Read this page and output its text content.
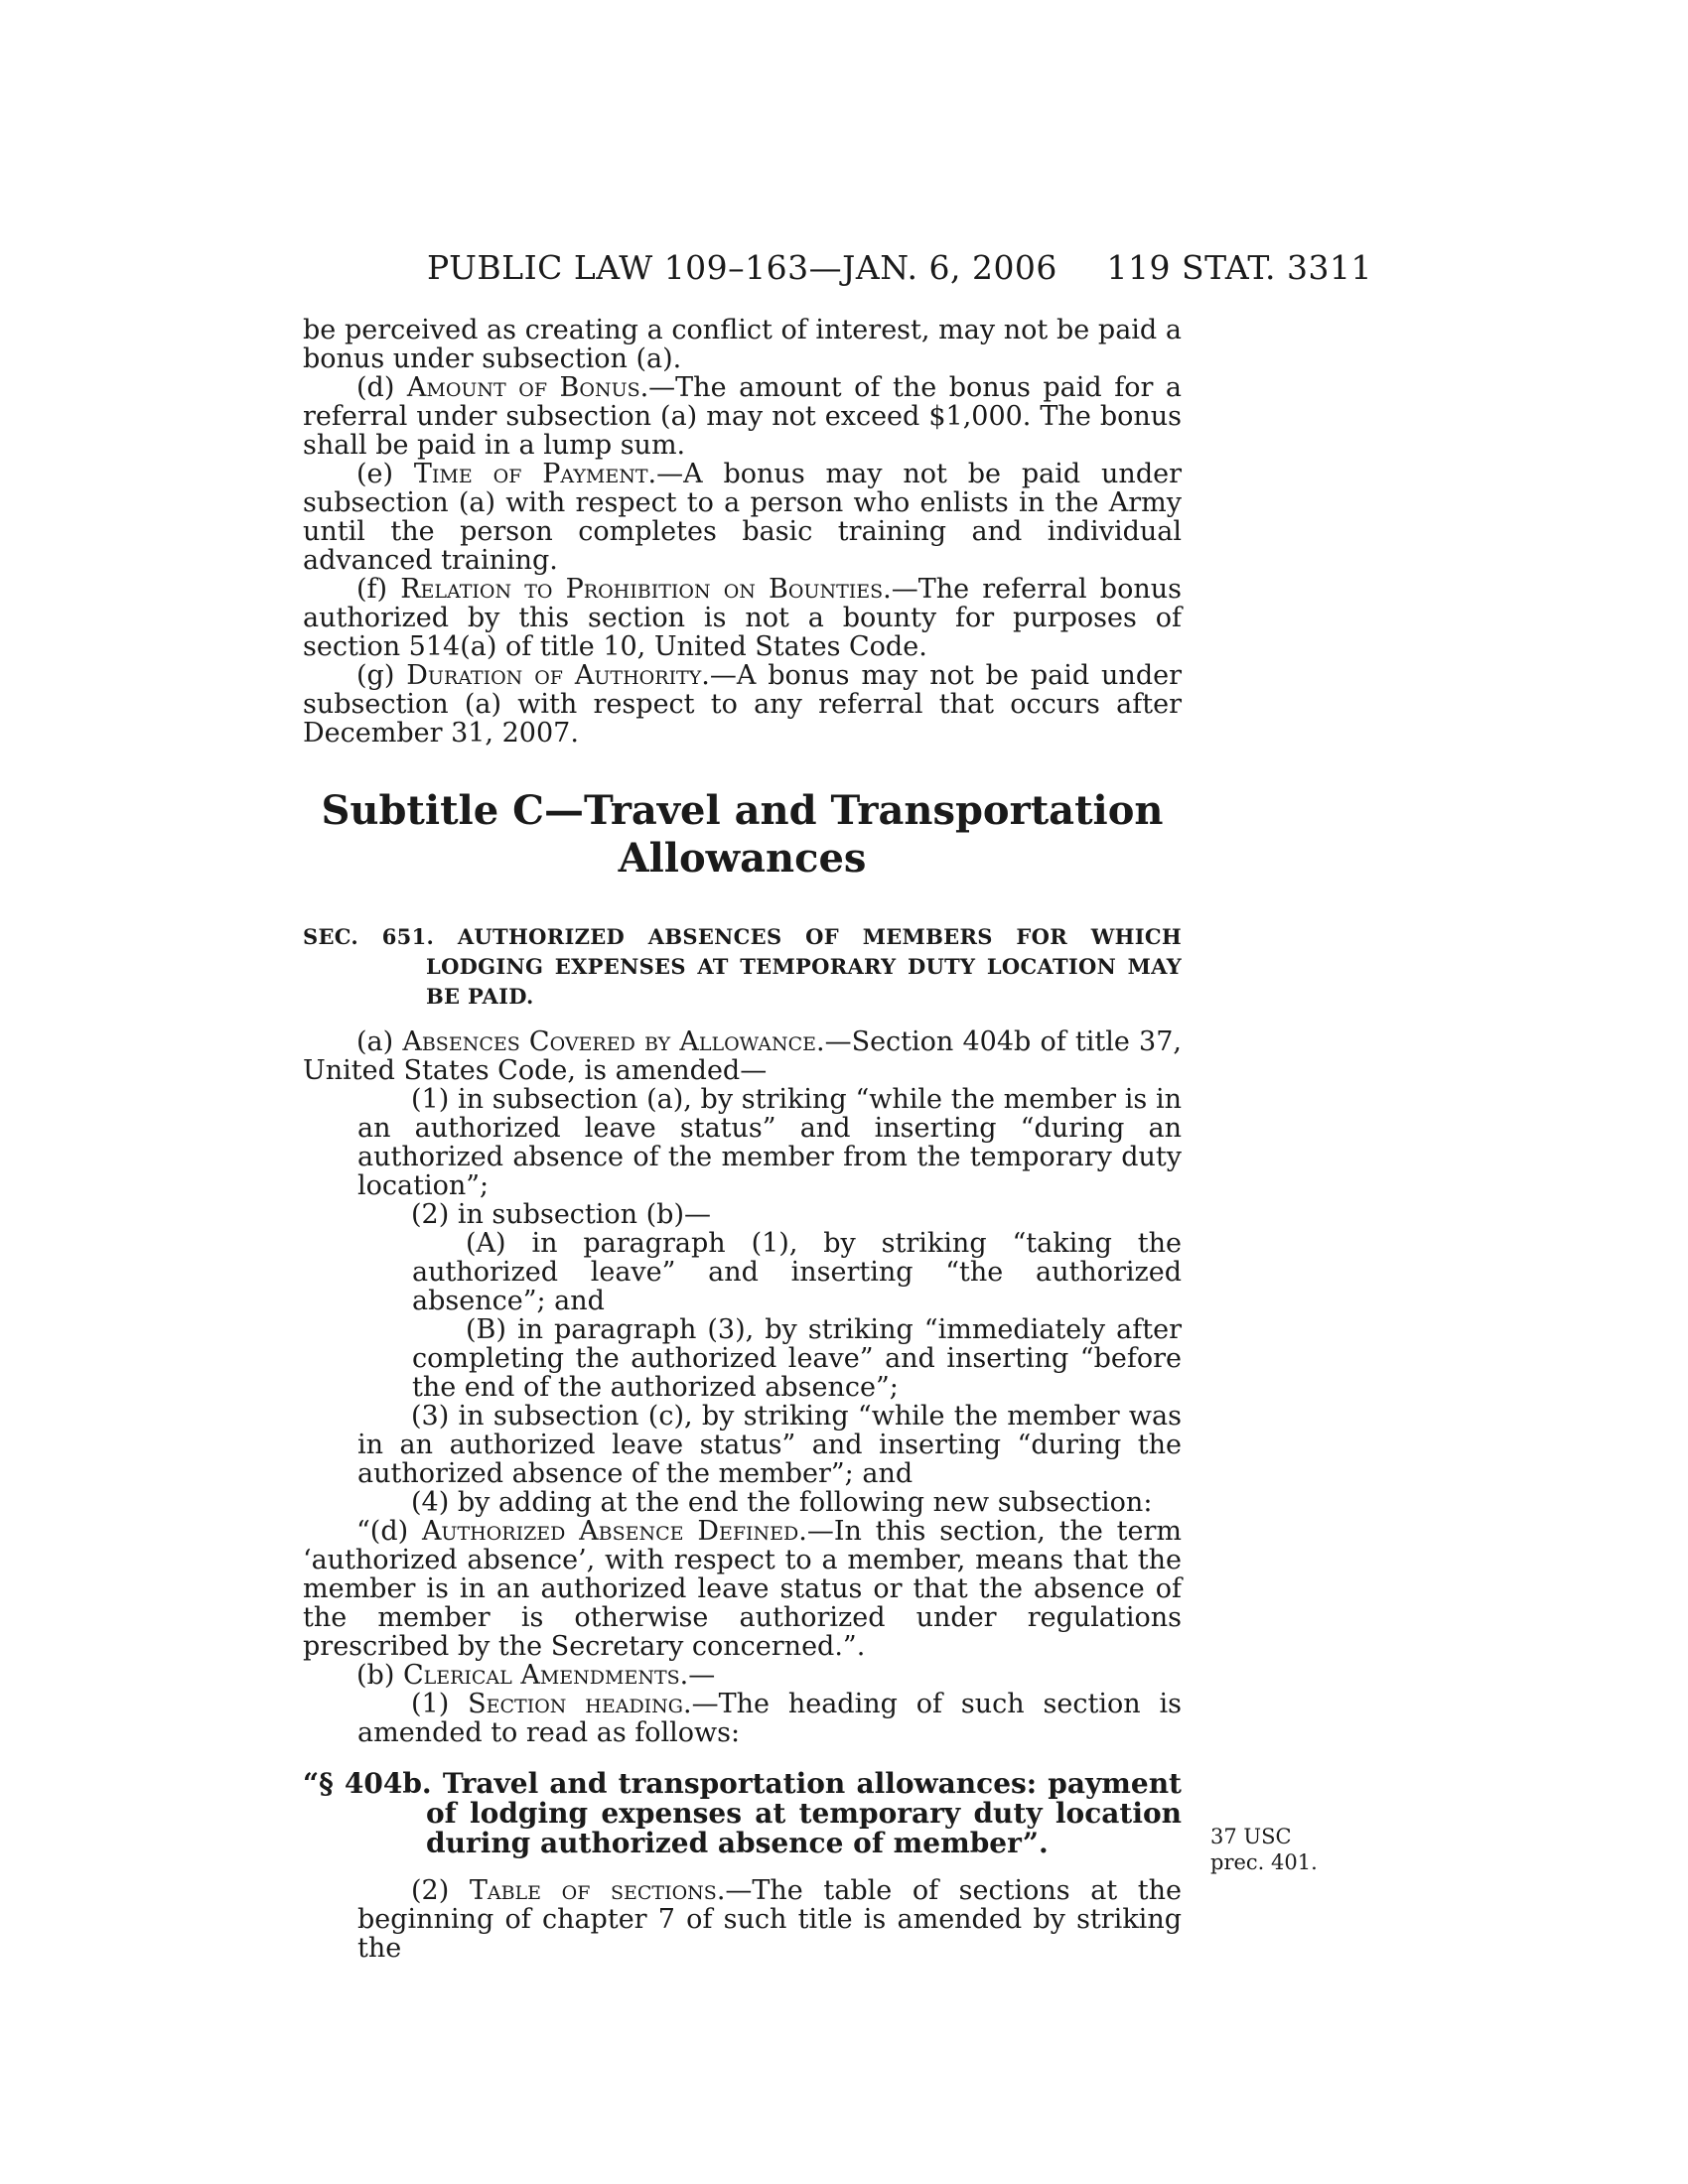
PUBLIC LAW 109–163—JAN. 6, 2006 119 STAT. 3311

be perceived as creating a conflict of interest, may not be paid a bonus under subsection (a).

(d) Amount of Bonus.—The amount of the bonus paid for a referral under subsection (a) may not exceed $1,000. The bonus shall be paid in a lump sum.

(e) Time of Payment.—A bonus may not be paid under subsection (a) with respect to a person who enlists in the Army until the person completes basic training and individual advanced training.

(f) Relation to Prohibition on Bounties.—The referral bonus authorized by this section is not a bounty for purposes of section 514(a) of title 10, United States Code.

(g) Duration of Authority.—A bonus may not be paid under subsection (a) with respect to any referral that occurs after December 31, 2007.

Subtitle C—Travel and Transportation
Allowances

SEC. 651. AUTHORIZED ABSENCES OF MEMBERS FOR WHICH LODGING EXPENSES AT TEMPORARY DUTY LOCATION MAY BE PAID.

(a) Absences Covered by Allowance.—Section 404b of title 37, United States Code, is amended—

(1) in subsection (a), by striking “while the member is in an authorized leave status” and inserting “during an authorized absence of the member from the temporary duty location”;

(2) in subsection (b)—

(A) in paragraph (1), by striking “taking the authorized leave” and inserting “the authorized absence”; and

(B) in paragraph (3), by striking “immediately after completing the authorized leave” and inserting “before the end of the authorized absence”;

(3) in subsection (c), by striking “while the member was in an authorized leave status” and inserting “during the authorized absence of the member”; and

(4) by adding at the end the following new subsection:

“(d) Authorized Absence Defined.—In this section, the term ‘authorized absence’, with respect to a member, means that the member is in an authorized leave status or that the absence of the member is otherwise authorized under regulations prescribed by the Secretary concerned.”.

(b) Clerical Amendments.—

(1) Section heading.—The heading of such section is amended to read as follows:

“§ 404b. Travel and transportation allowances: payment of lodging expenses at temporary duty location during authorized absence of member”.

(2) Table of sections.—The table of sections at the beginning of chapter 7 of such title is amended by striking the

37 USC prec. 401.
